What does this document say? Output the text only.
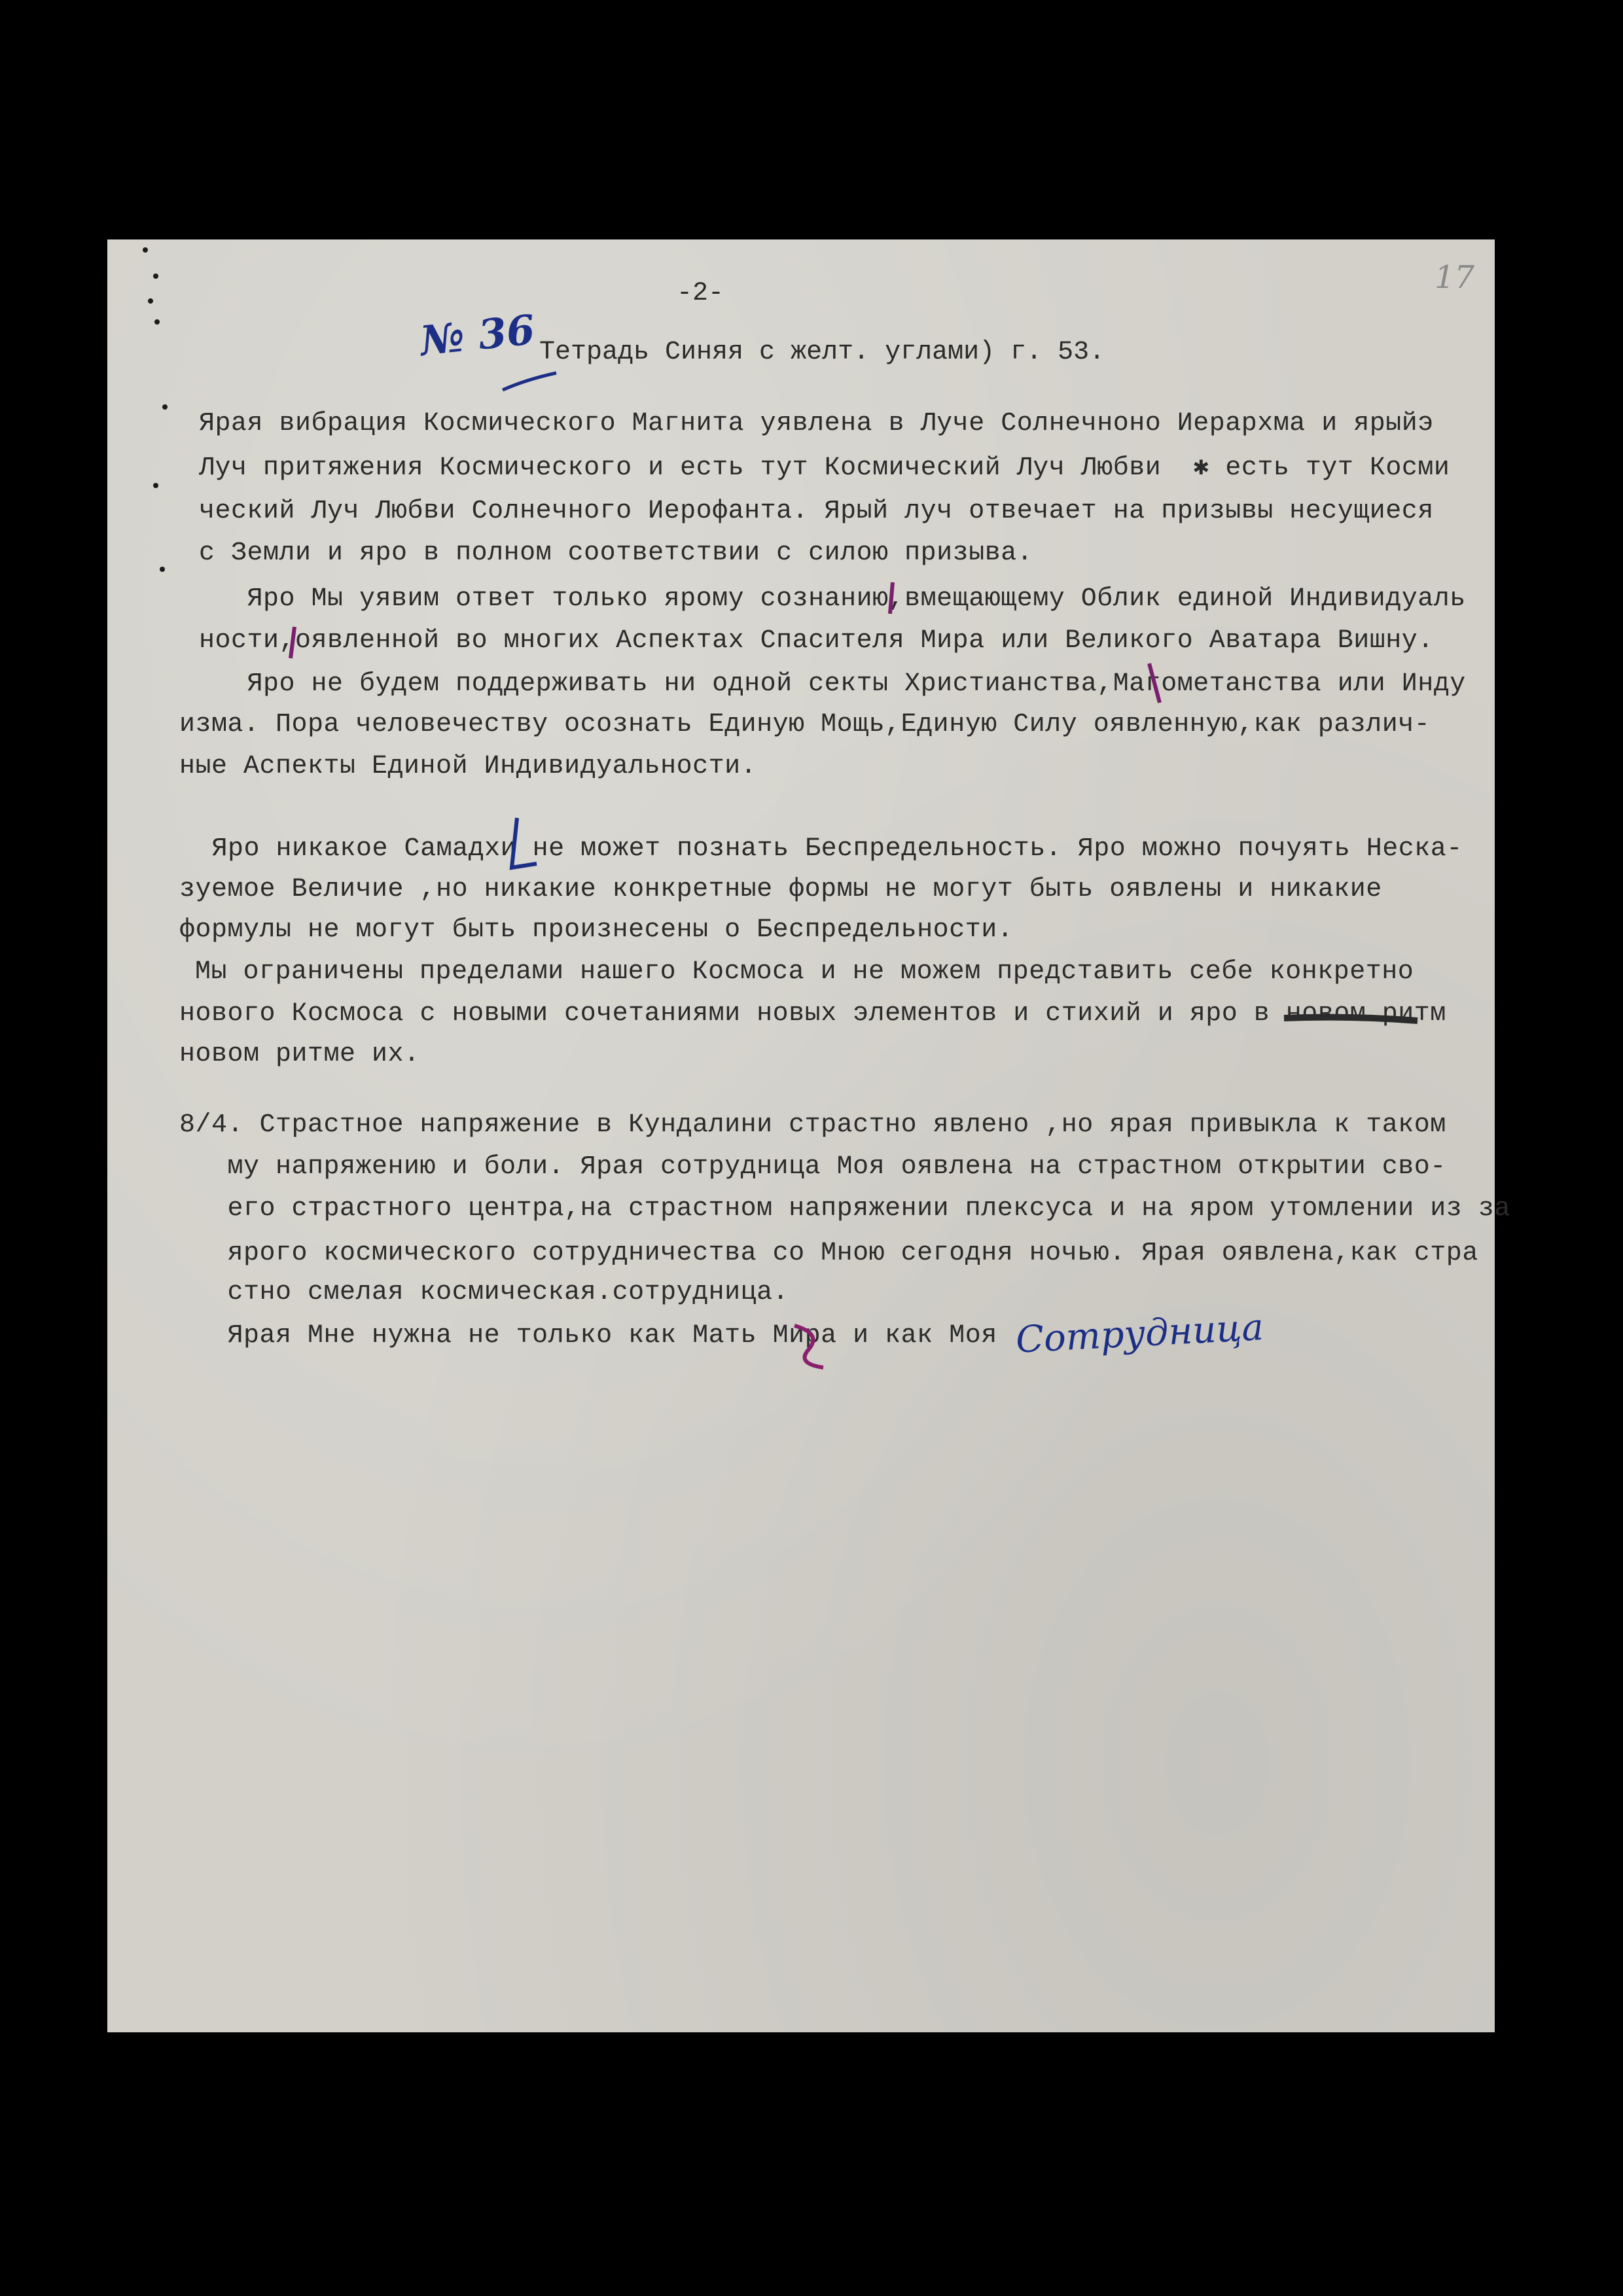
-2-	17
№ 36 Тетрадь Синяя с желт. углами) г. 53.
Ярая вибрация Космического Магнита уявлена в Луче Солнечноно Иерархма и ярыйэ
Луч притяжения Космического и есть тут Космический Луч Любви  ✱ есть тут Косми
ческий Луч Любви Солнечного Иерофанта. Ярый луч отвечает на призывы несущиеся
с Земли и яро в полном соответствии с силою призыва.
Яро Мы уявим ответ только ярому сознанию,вмещающему Облик единой Индивидуаль
ности,оявленной во многих Аспектах Спасителя Мира или Великого Аватара Вишну.
Яро не будем поддерживать ни одной секты Христианства,Магометанства или Инду
изма. Пора человечеству осознать Единую Мощь,Единую Силу оявленную,как различ-
ные Аспекты Единой Индивидуальности.
Яро никакое Самадхи не может познать Беспредельность. Яро можно почуять Неска-
зуемое Величие ,но никакие конкретные формы не могут быть оявлены и никакие
формулы не могут быть произнесены о Беспредельности.
Мы ограничены пределами нашего Космоса и не можем представить себе конкретно
нового Космоса с новыми сочетаниями новых элементов и стихий и яро в новом ритм
новом ритме их.
8/4. Страстное напряжение в Кундалини страстно явлено ,но ярая привыкла к таком
му напряжению и боли. Ярая сотрудница Моя оявлена на страстном открытии сво-
его страстного центра,на страстном напряжении плексуса и на яром утомлении из за
ярого космического сотрудничества со Мною сегодня ночью. Ярая оявлена,как стра
стно смелая космическая.сотрудница.
Ярая Мне нужна не только как Мать Мира и как Моя Сотрудница
